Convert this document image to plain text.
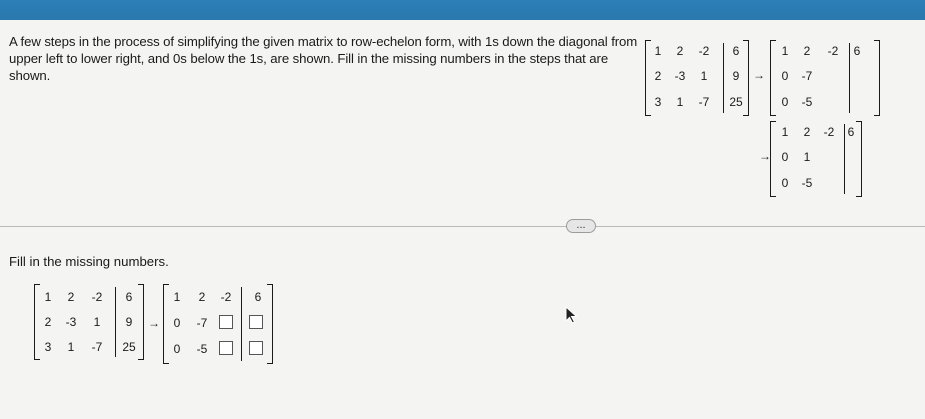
A few steps in the process of simplifying the given matrix to row-echelon form, with 1s down the diagonal from upper left to lower right, and 0s below the 1s, are shown. Fill in the missing numbers in the steps that are shown.
1	2	-2	6
2	-3	1	9
3	1	-7	25
→
1	2	-2	6
0	-7
0	-5
→
1	2	-2	6
0	1
0	-5
...
Fill in the missing numbers.
1	2	-2	6
2	-3	1	9
3	1	-7	25
→
1	2	-2	6
0	-7
0	-5
